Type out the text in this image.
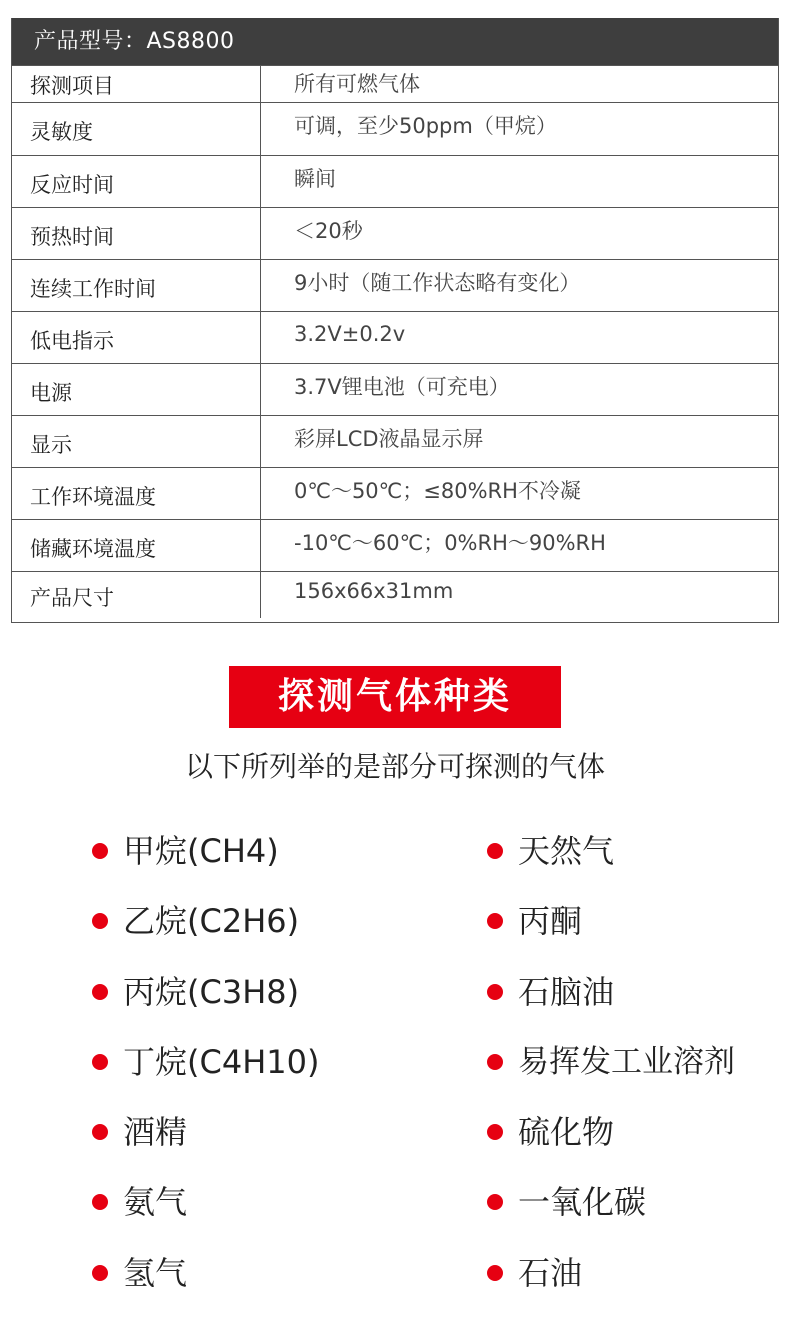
产品型号：AS8800
探测项目	所有可燃气体
灵敏度	可调，至少50ppm（甲烷）
反应时间	瞬间
预热时间	＜20秒
连续工作时间	9小时（随工作状态略有变化）
低电指示	3.2V±0.2v
电源	3.7V锂电池（可充电）
显示	彩屏LCD液晶显示屏
工作环境温度	0℃～50℃；≤80%RH不冷凝
储藏环境温度	-10℃～60℃；0%RH～90%RH
产品尺寸	156x66x31mm
探测气体种类
以下所列举的是部分可探测的气体
甲烷(CH4)
乙烷(C2H6)
丙烷(C3H8)
丁烷(C4H10)
酒精
氨气
氢气
天然气
丙酮
石脑油
易挥发工业溶剂
硫化物
一氧化碳
石油
